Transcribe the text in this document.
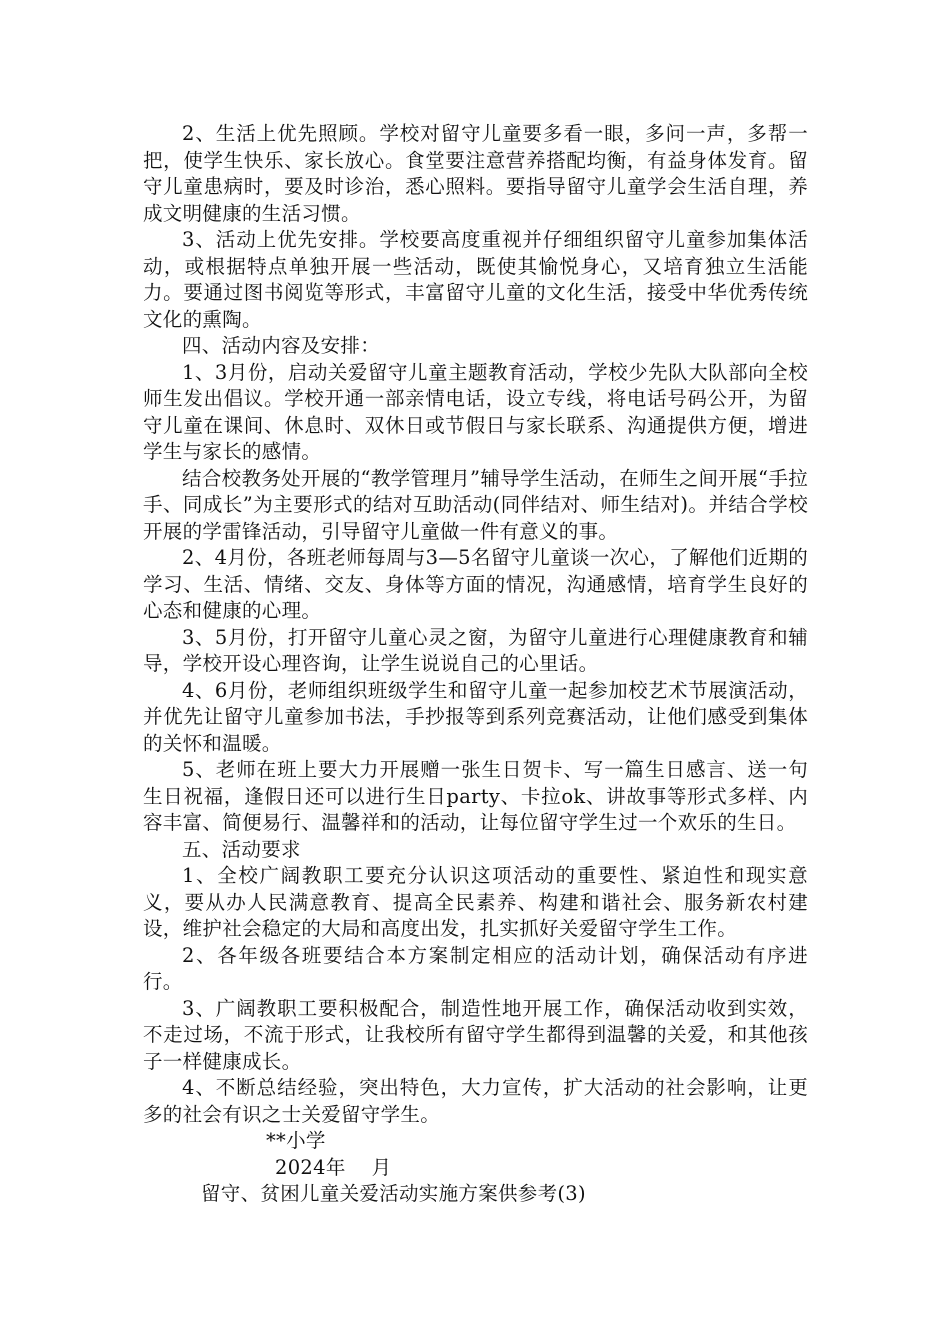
2、生活上优先照顾。学校对留守儿童要多看一眼，多问一声，多帮一把，使学生快乐、家长放心。食堂要注意营养搭配均衡，有益身体发育。留守儿童患病时，要及时诊治，悉心照料。要指导留守儿童学会生活自理，养成文明健康的生活习惯。

3、活动上优先安排。学校要高度重视并仔细组织留守儿童参加集体活动，或根据特点单独开展一些活动，既使其愉悦身心，又培育独立生活能力。要通过图书阅览等形式，丰富留守儿童的文化生活，接受中华优秀传统文化的熏陶。

四、活动内容及安排：

1、3月份，启动关爱留守儿童主题教育活动，学校少先队大队部向全校师生发出倡议。学校开通一部亲情电话，设立专线，将电话号码公开，为留守儿童在课间、休息时、双休日或节假日与家长联系、沟通提供方便，增进学生与家长的感情。

结合校教务处开展的“教学管理月”辅导学生活动，在师生之间开展“手拉手、同成长”为主要形式的结对互助活动(同伴结对、师生结对)。并结合学校开展的学雷锋活动，引导留守儿童做一件有意义的事。

2、4月份，各班老师每周与3—5名留守儿童谈一次心，了解他们近期的学习、生活、情绪、交友、身体等方面的情况，沟通感情，培育学生良好的心态和健康的心理。

3、5月份，打开留守儿童心灵之窗，为留守儿童进行心理健康教育和辅导，学校开设心理咨询，让学生说说自己的心里话。

4、6月份，老师组织班级学生和留守儿童一起参加校艺术节展演活动，并优先让留守儿童参加书法，手抄报等到系列竞赛活动，让他们感受到集体的关怀和温暖。

5、老师在班上要大力开展赠一张生日贺卡、写一篇生日感言、送一句生日祝福，逢假日还可以进行生日party、卡拉ok、讲故事等形式多样、内容丰富、简便易行、温馨祥和的活动，让每位留守学生过一个欢乐的生日。

五、活动要求

1、全校广阔教职工要充分认识这项活动的重要性、紧迫性和现实意义，要从办人民满意教育、提高全民素养、构建和谐社会、服务新农村建设，维护社会稳定的大局和高度出发，扎实抓好关爱留守学生工作。

2、各年级各班要结合本方案制定相应的活动计划，确保活动有序进行。

3、广阔教职工要积极配合，制造性地开展工作，确保活动收到实效，不走过场，不流于形式，让我校所有留守学生都得到温馨的关爱，和其他孩子一样健康成长。

4、不断总结经验，突出特色，大力宣传，扩大活动的社会影响，让更多的社会有识之士关爱留守学生。

**小学

2024年    月

留守、贫困儿童关爱活动实施方案供参考(3)
